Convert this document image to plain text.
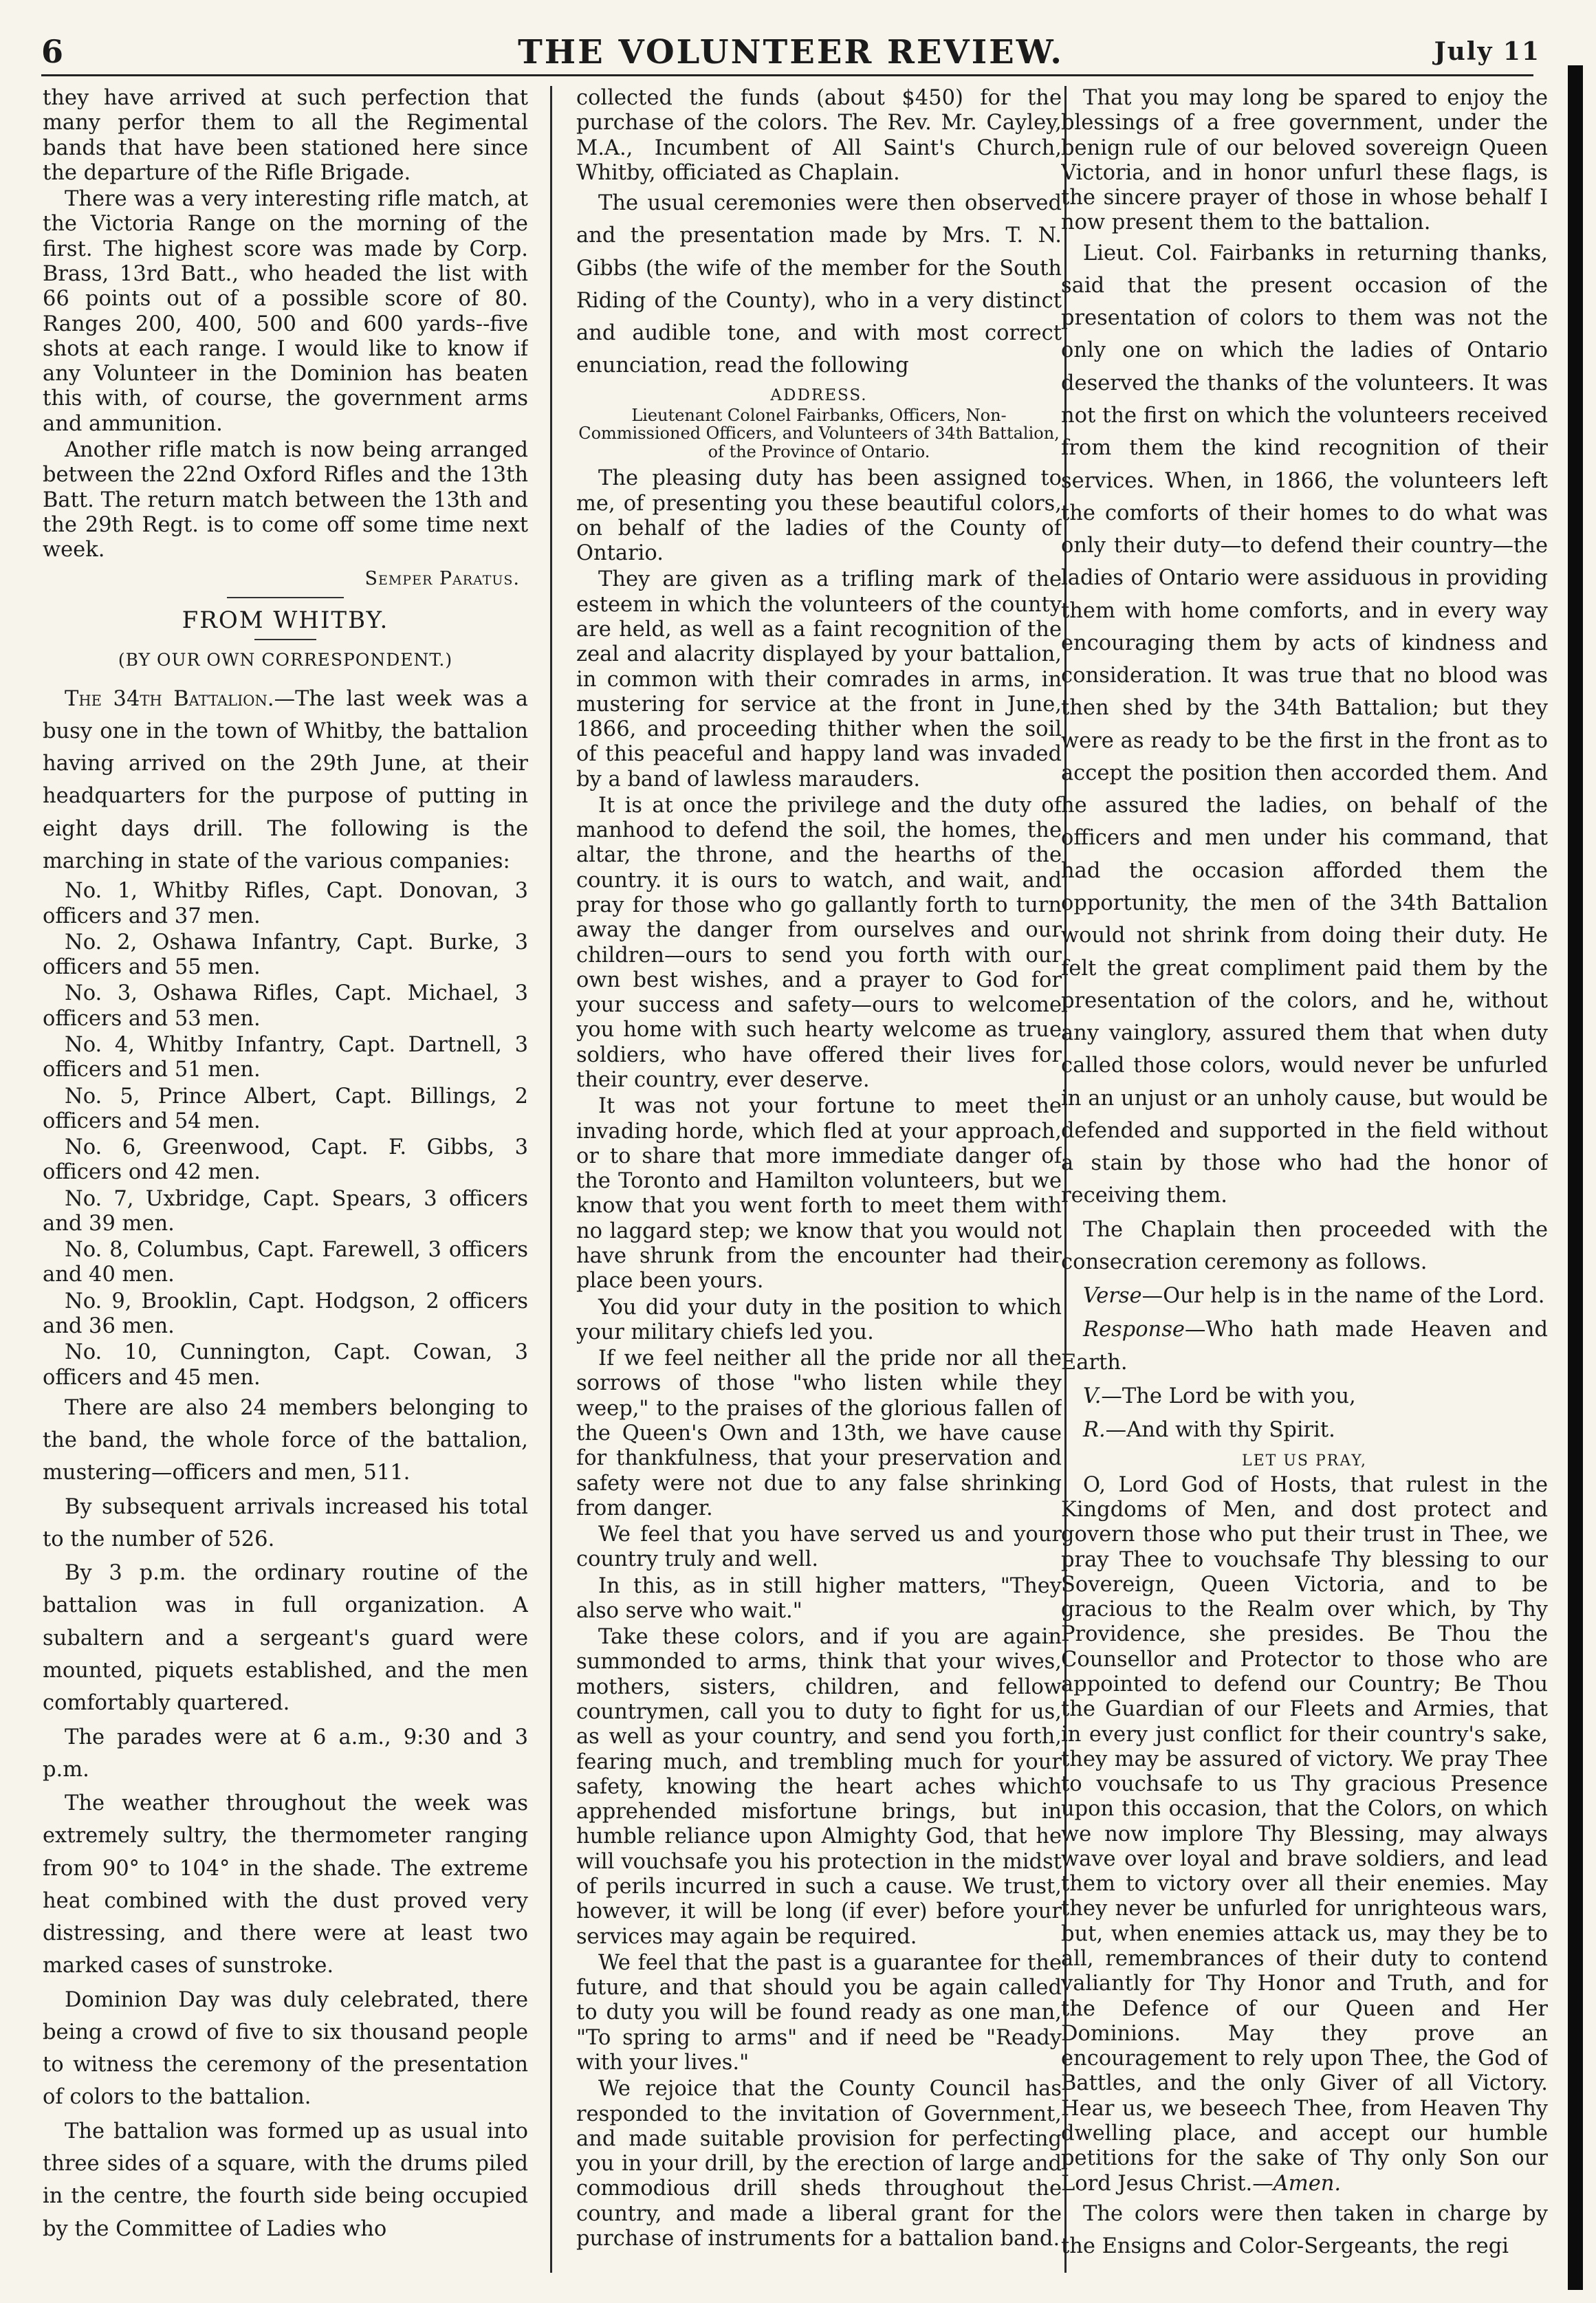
6	THE VOLUNTEER REVIEW.	July 11

they have arrived at such perfection that many perfor them to all the Regimental bands that have been stationed here since the departure of the Rifle Brigade.

There was a very interesting rifle match, at the Victoria Range on the morning of the first. The highest score was made by Corp. Brass, 13rd Batt., who headed the list with 66 points out of a possible score of 80. Ranges 200, 400, 500 and 600 yards--five shots at each range. I would like to know if any Volunteer in the Dominion has beaten this with, of course, the government arms and ammunition.

Another rifle match is now being arranged between the 22nd Oxford Rifles and the 13th Batt. The return match between the 13th and the 29th Regt. is to come off some time next week.

Semper Paratus.
FROM WHITBY.
(BY OUR OWN CORRESPONDENT.)

The 34th Battalion.—The last week was a busy one in the town of Whitby, the battalion having arrived on the 29th June, at their headquarters for the purpose of putting in eight days drill. The following is the marching in state of the various companies:

No. 1, Whitby Rifles, Capt. Donovan, 3 officers and 37 men.

No. 2, Oshawa Infantry, Capt. Burke, 3 officers and 55 men.

No. 3, Oshawa Rifles, Capt. Michael, 3 officers and 53 men.

No. 4, Whitby Infantry, Capt. Dartnell, 3 officers and 51 men.

No. 5, Prince Albert, Capt. Billings, 2 officers and 54 men.

No. 6, Greenwood, Capt. F. Gibbs, 3 officers ond 42 men.

No. 7, Uxbridge, Capt. Spears, 3 officers and 39 men.

No. 8, Columbus, Capt. Farewell, 3 officers and 40 men.

No. 9, Brooklin, Capt. Hodgson, 2 officers and 36 men.

No. 10, Cunnington, Capt. Cowan, 3 officers and 45 men.

There are also 24 members belonging to the band, the whole force of the battalion, mustering—officers and men, 511.

By subsequent arrivals increased his total to the number of 526.

By 3 p.m. the ordinary routine of the battalion was in full organization. A subaltern and a sergeant's guard were mounted, piquets established, and the men comfortably quartered.

The parades were at 6 a.m., 9:30 and 3 p.m.

The weather throughout the week was extremely sultry, the thermometer ranging from 90° to 104° in the shade. The extreme heat combined with the dust proved very distressing, and there were at least two marked cases of sunstroke.

Dominion Day was duly celebrated, there being a crowd of five to six thousand people to witness the ceremony of the presentation of colors to the battalion.

The battalion was formed up as usual into three sides of a square, with the drums piled in the centre, the fourth side being occupied by the Committee of Ladies who

collected the funds (about $450) for the purchase of the colors. The Rev. Mr. Cayley, M.A., Incumbent of All Saint's Church, Whitby, officiated as Chaplain.

The usual ceremonies were then observed and the presentation made by Mrs. T. N. Gibbs (the wife of the member for the South Riding of the County), who in a very distinct and audible tone, and with most correct enunciation, read the following

ADDRESS.
Lieutenant Colonel Fairbanks, Officers, Non-Commissioned Officers, and Volunteers of 34th Battalion, of the Province of Ontario.

The pleasing duty has been assigned to me, of presenting you these beautiful colors, on behalf of the ladies of the County of Ontario.

They are given as a trifling mark of the esteem in which the volunteers of the county are held, as well as a faint recognition of the zeal and alacrity displayed by your battalion, in common with their comrades in arms, in mustering for service at the front in June, 1866, and proceeding thither when the soil of this peaceful and happy land was invaded by a band of lawless marauders.

It is at once the privilege and the duty of manhood to defend the soil, the homes, the altar, the throne, and the hearths of the country. it is ours to watch, and wait, and pray for those who go gallantly forth to turn away the danger from ourselves and our children—ours to send you forth with our own best wishes, and a prayer to God for your success and safety—ours to welcome you home with such hearty welcome as true soldiers, who have offered their lives for their country, ever deserve.

It was not your fortune to meet the invading horde, which fled at your approach, or to share that more immediate danger of the Toronto and Hamilton volunteers, but we know that you went forth to meet them with no laggard step; we know that you would not have shrunk from the encounter had their place been yours.

You did your duty in the position to which your military chiefs led you.

If we feel neither all the pride nor all the sorrows of those "who listen while they weep," to the praises of the glorious fallen of the Queen's Own and 13th, we have cause for thankfulness, that your preservation and safety were not due to any false shrinking from danger.

We feel that you have served us and your country truly and well.

In this, as in still higher matters, "They also serve who wait."

Take these colors, and if you are again summonded to arms, think that your wives, mothers, sisters, children, and fellow countrymen, call you to duty to fight for us, as well as your country, and send you forth, fearing much, and trembling much for your safety, knowing the heart aches which apprehended misfortune brings, but in humble reliance upon Almighty God, that he will vouchsafe you his protection in the midst of perils incurred in such a cause. We trust, however, it will be long (if ever) before your services may again be required.

We feel that the past is a guarantee for the future, and that should you be again called to duty you will be found ready as one man, "To spring to arms" and if need be "Ready with your lives."

We rejoice that the County Council has responded to the invitation of Government, and made suitable provision for perfecting you in your drill, by the erection of large and commodious drill sheds throughout the country, and made a liberal grant for the purchase of instruments for a battalion band.

That you may long be spared to enjoy the blessings of a free government, under the benign rule of our beloved sovereign Queen Victoria, and in honor unfurl these flags, is the sincere prayer of those in whose behalf I now present them to the battalion.

Lieut. Col. Fairbanks in returning thanks, said that the present occasion of the presentation of colors to them was not the only one on which the ladies of Ontario deserved the thanks of the volunteers. It was not the first on which the volunteers received from them the kind recognition of their services. When, in 1866, the volunteers left the comforts of their homes to do what was only their duty—to defend their country—the ladies of Ontario were assiduous in providing them with home comforts, and in every way encouraging them by acts of kindness and consideration. It was true that no blood was then shed by the 34th Battalion; but they were as ready to be the first in the front as to accept the position then accorded them. And he assured the ladies, on behalf of the officers and men under his command, that had the occasion afforded them the opportunity, the men of the 34th Battalion would not shrink from doing their duty. He felt the great compliment paid them by the presentation of the colors, and he, without any vainglory, assured them that when duty called those colors, would never be unfurled in an unjust or an unholy cause, but would be defended and supported in the field without a stain by those who had the honor of receiving them.

The Chaplain then proceeded with the consecration ceremony as follows.

Verse—Our help is in the name of the Lord.

Response—Who hath made Heaven and Earth.

V.—The Lord be with you,

R.—And with thy Spirit.

LET US PRAY,

O, Lord God of Hosts, that rulest in the Kingdoms of Men, and dost protect and govern those who put their trust in Thee, we pray Thee to vouchsafe Thy blessing to our Sovereign, Queen Victoria, and to be gracious to the Realm over which, by Thy Providence, she presides. Be Thou the Counsellor and Protector to those who are appointed to defend our Country; Be Thou the Guardian of our Fleets and Armies, that in every just conflict for their country's sake, they may be assured of victory. We pray Thee to vouchsafe to us Thy gracious Presence upon this occasion, that the Colors, on which we now implore Thy Blessing, may always wave over loyal and brave soldiers, and lead them to victory over all their enemies. May they never be unfurled for unrighteous wars, but, when enemies attack us, may they be to all, remembrances of their duty to contend valiantly for Thy Honor and Truth, and for the Defence of our Queen and Her Dominions. May they prove an encouragement to rely upon Thee, the God of Battles, and the only Giver of all Victory. Hear us, we beseech Thee, from Heaven Thy dwelling place, and accept our humble petitions for the sake of Thy only Son our Lord Jesus Christ.—Amen.

The colors were then taken in charge by the Ensigns and Color-Sergeants, the regi
